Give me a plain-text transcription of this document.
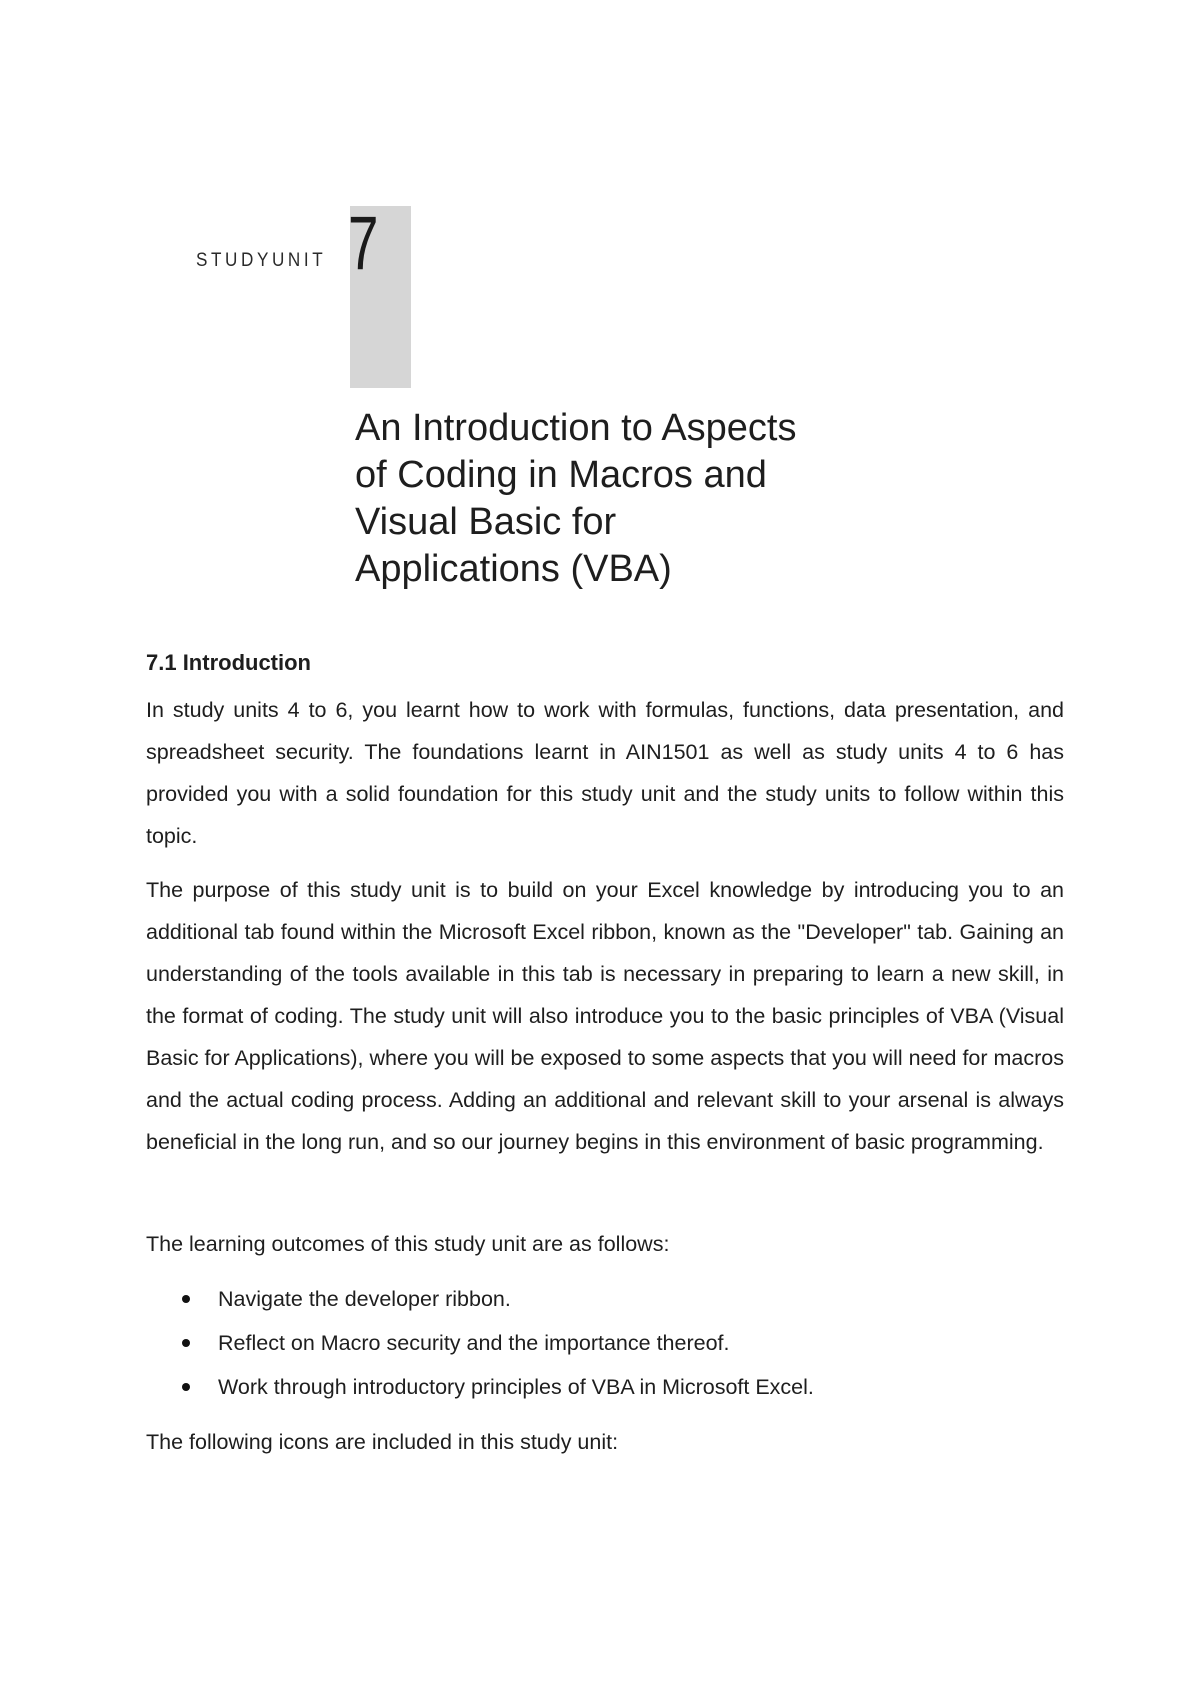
STUDYUNIT 7
An Introduction to Aspects
of Coding in Macros and
Visual Basic for
Applications (VBA)
7.1 Introduction

In study units 4 to 6, you learnt how to work with formulas, functions, data presentation, and spreadsheet security. The foundations learnt in AIN1501 as well as study units 4 to 6 has provided you with a solid foundation for this study unit and the study units to follow within this topic.

The purpose of this study unit is to build on your Excel knowledge by introducing you to an additional tab found within the Microsoft Excel ribbon, known as the "Developer" tab. Gaining an understanding of the tools available in this tab is necessary in preparing to learn a new skill, in the format of coding. The study unit will also introduce you to the basic principles of VBA (Visual Basic for Applications), where you will be exposed to some aspects that you will need for macros and the actual coding process. Adding an additional and relevant skill to your arsenal is always beneficial in the long run, and so our journey begins in this environment of basic programming.

The learning outcomes of this study unit are as follows:

Navigate the developer ribbon.
Reflect on Macro security and the importance thereof.
Work through introductory principles of VBA in Microsoft Excel.

The following icons are included in this study unit:
